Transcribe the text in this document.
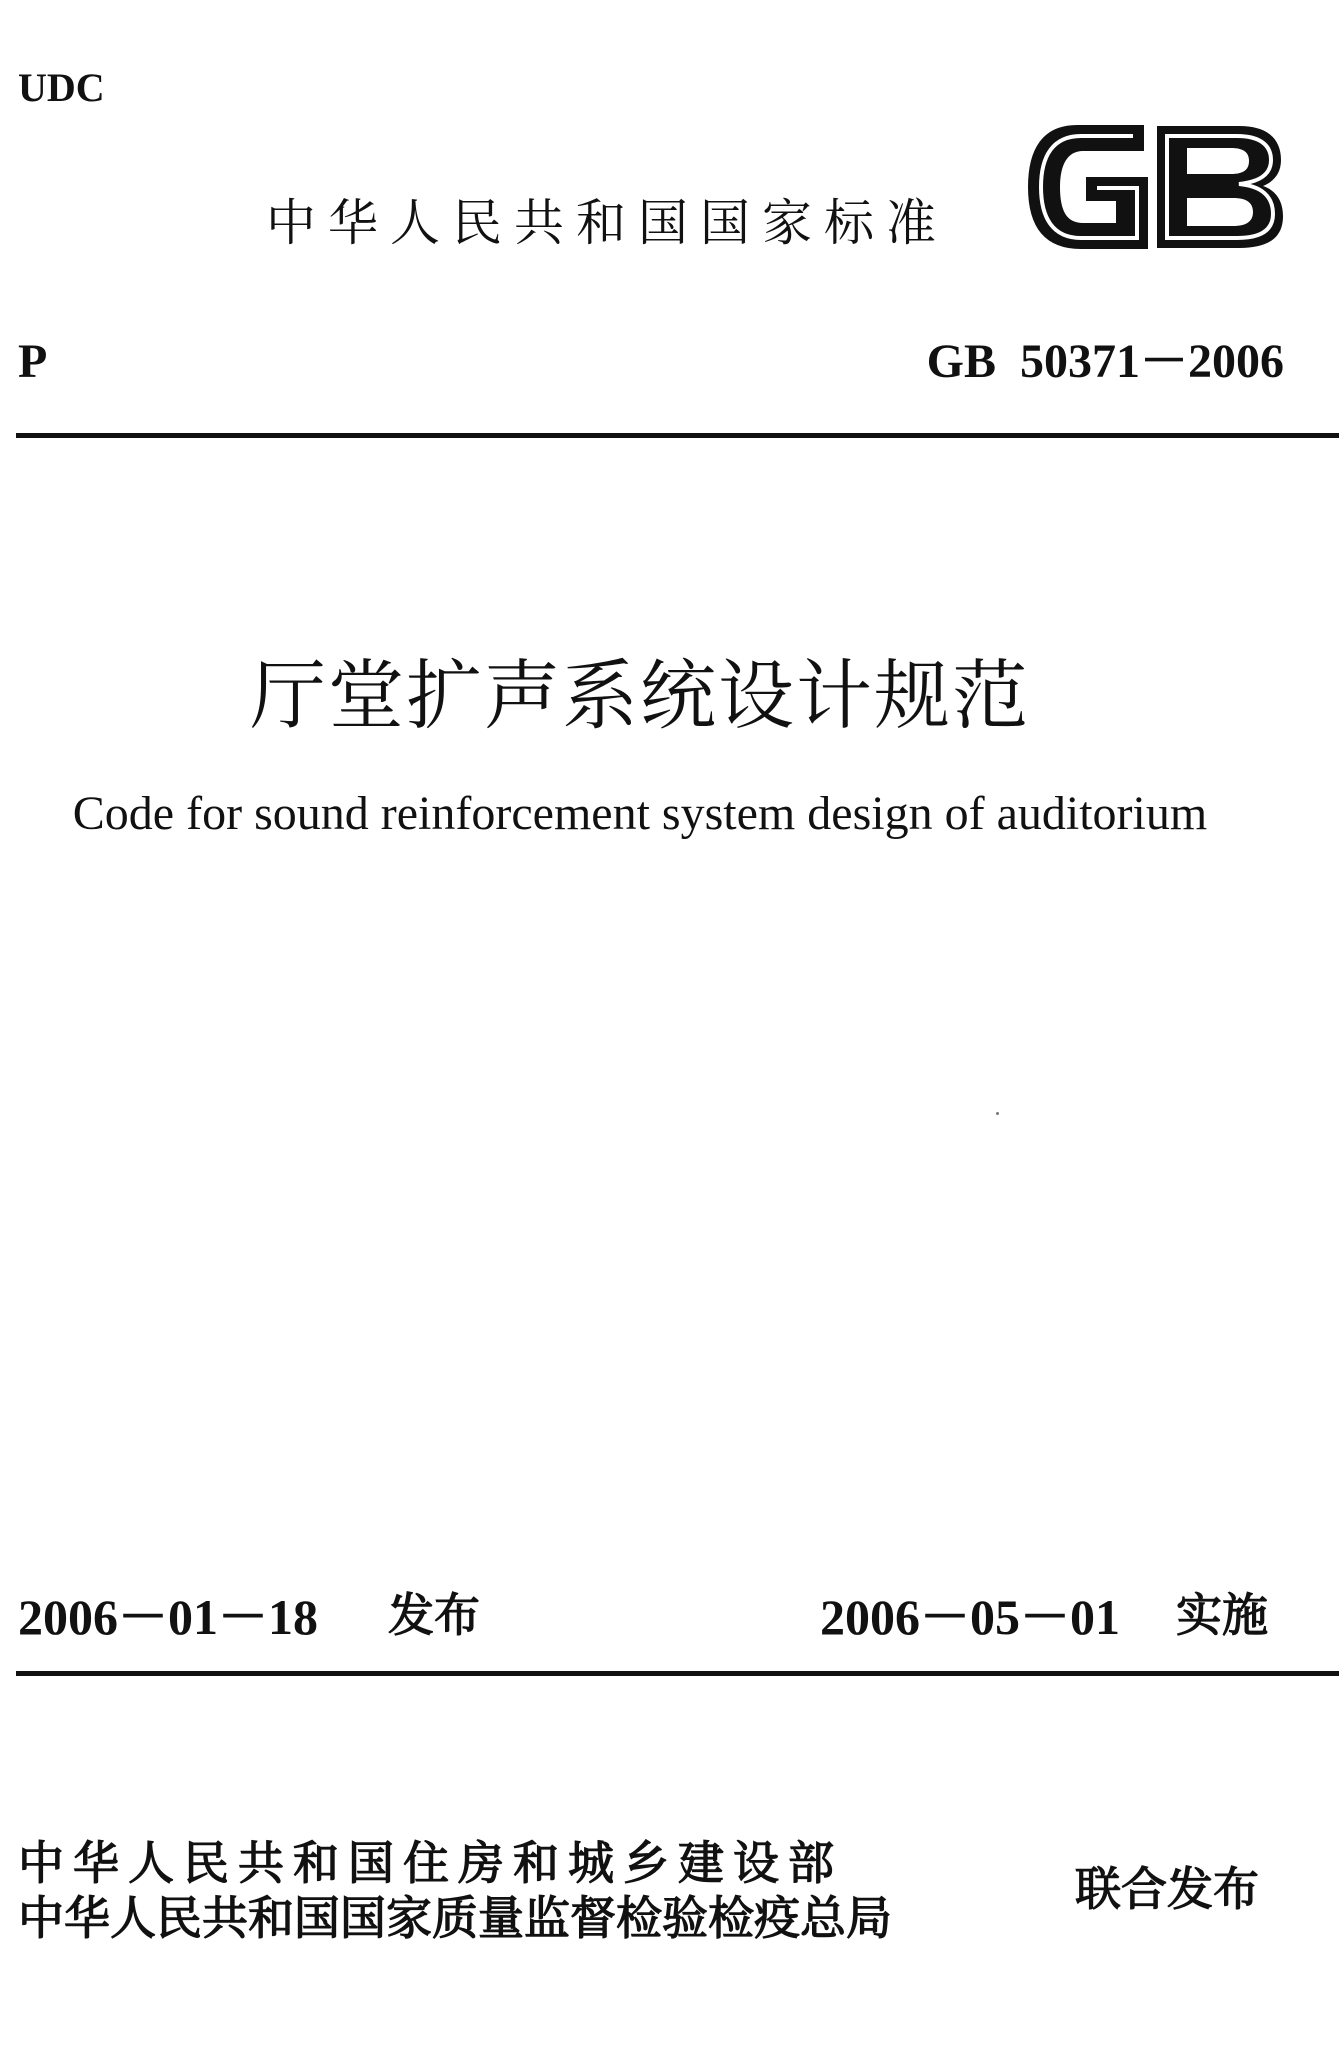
UDC
中华人民共和国国家标准
P	GB  50371－2006
厅堂扩声系统设计规范
Code for sound reinforcement system design of auditorium
2006－01－18 发布	2006－05－01 实施
中华人民共和国住房和城乡建设部
中华人民共和国国家质量监督检验检疫总局
联合发布
